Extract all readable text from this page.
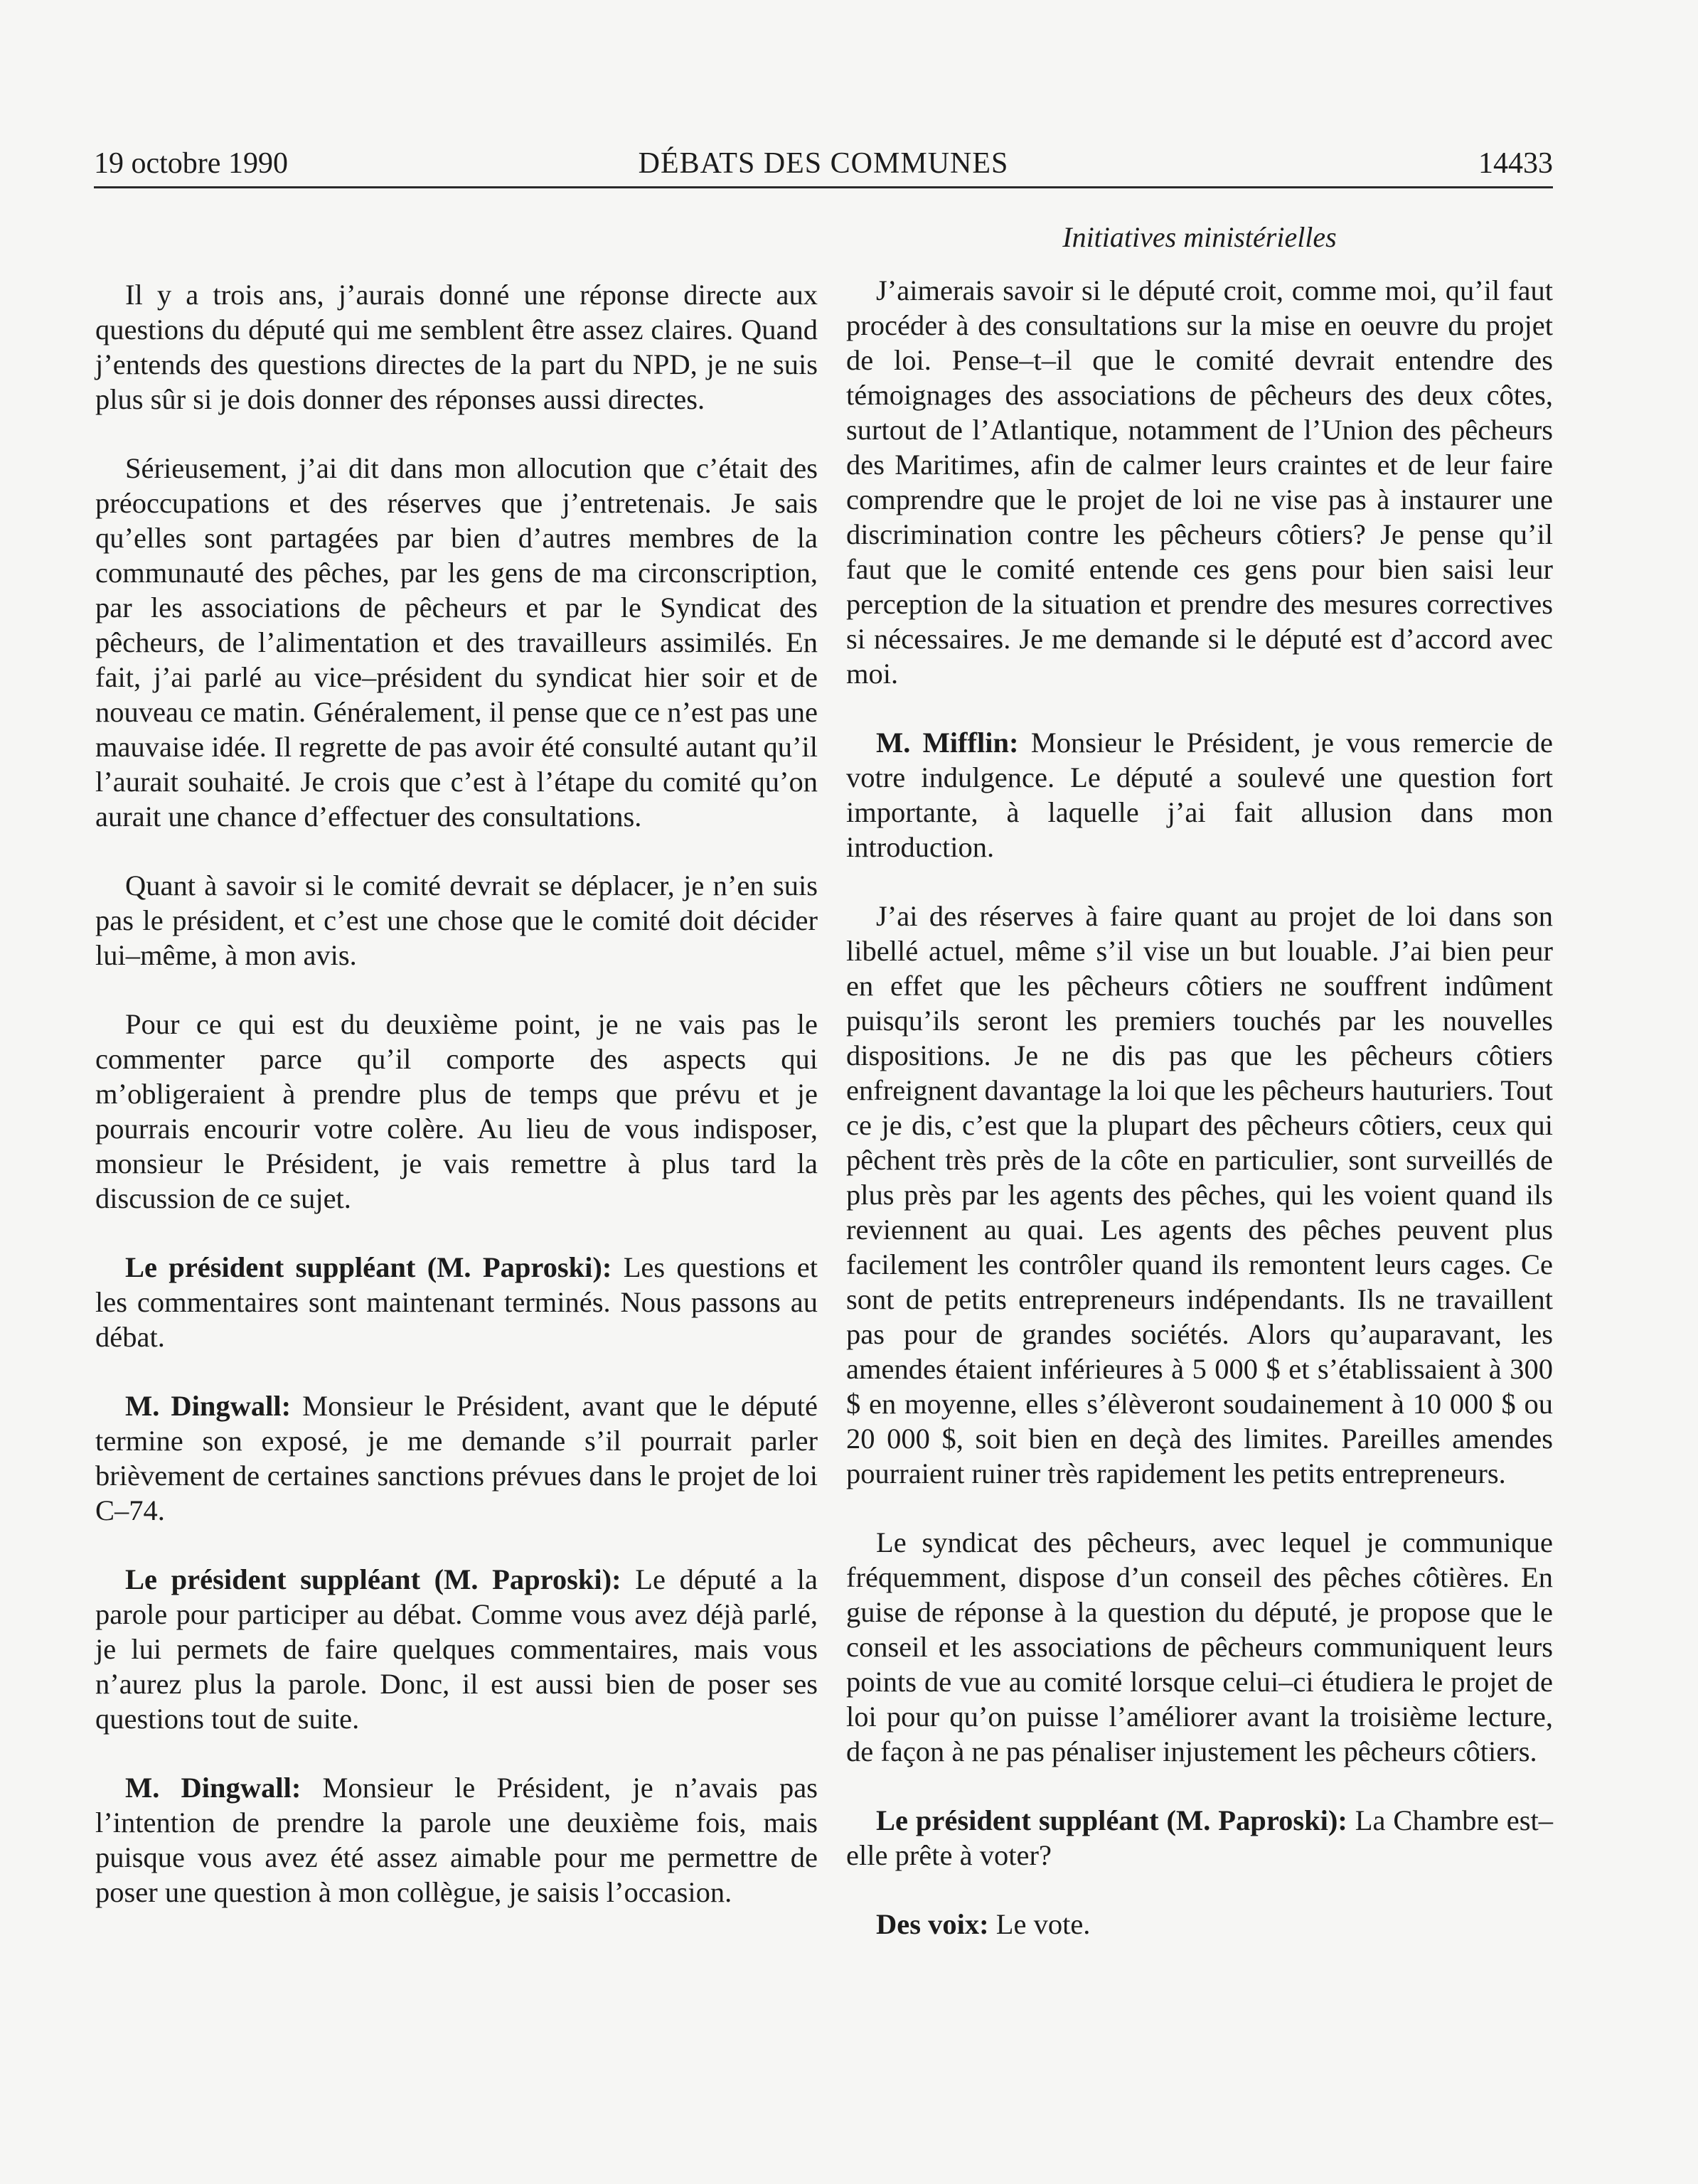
19 octobre 1990	DÉBATS DES COMMUNES	14433
Initiatives ministérielles

Il y a trois ans, j’aurais donné une réponse directe aux questions du député qui me semblent être assez claires. Quand j’entends des questions directes de la part du NPD, je ne suis plus sûr si je dois donner des réponses aussi directes.

Sérieusement, j’ai dit dans mon allocution que c’était des préoccupations et des réserves que j’entretenais. Je sais qu’elles sont partagées par bien d’autres membres de la communauté des pêches, par les gens de ma circonscription, par les associations de pêcheurs et par le Syndicat des pêcheurs, de l’alimentation et des travailleurs assimilés. En fait, j’ai parlé au vice–président du syndicat hier soir et de nouveau ce matin. Généralement, il pense que ce n’est pas une mauvaise idée. Il regrette de pas avoir été consulté autant qu’il l’aurait souhaité. Je crois que c’est à l’étape du comité qu’on aurait une chance d’effectuer des consultations.

Quant à savoir si le comité devrait se déplacer, je n’en suis pas le président, et c’est une chose que le comité doit décider lui–même, à mon avis.

Pour ce qui est du deuxième point, je ne vais pas le commenter parce qu’il comporte des aspects qui m’obligeraient à prendre plus de temps que prévu et je pourrais encourir votre colère. Au lieu de vous indisposer, monsieur le Président, je vais remettre à plus tard la discussion de ce sujet.

Le président suppléant (M. Paproski): Les questions et les commentaires sont maintenant terminés. Nous passons au débat.

M. Dingwall: Monsieur le Président, avant que le député termine son exposé, je me demande s’il pourrait parler brièvement de certaines sanctions prévues dans le projet de loi C–74.

Le président suppléant (M. Paproski): Le député a la parole pour participer au débat. Comme vous avez déjà parlé, je lui permets de faire quelques commentaires, mais vous n’aurez plus la parole. Donc, il est aussi bien de poser ses questions tout de suite.

M. Dingwall: Monsieur le Président, je n’avais pas l’intention de prendre la parole une deuxième fois, mais puisque vous avez été assez aimable pour me permettre de poser une question à mon collègue, je saisis l’occasion.

J’aimerais savoir si le député croit, comme moi, qu’il faut procéder à des consultations sur la mise en oeuvre du projet de loi. Pense–t–il que le comité devrait entendre des témoignages des associations de pêcheurs des deux côtes, surtout de l’Atlantique, notamment de l’Union des pêcheurs des Maritimes, afin de calmer leurs craintes et de leur faire comprendre que le projet de loi ne vise pas à instaurer une discrimination contre les pêcheurs côtiers? Je pense qu’il faut que le comité entende ces gens pour bien saisi leur perception de la situation et prendre des mesures correctives si nécessaires. Je me demande si le député est d’accord avec moi.

M. Mifflin: Monsieur le Président, je vous remercie de votre indulgence. Le député a soulevé une question fort importante, à laquelle j’ai fait allusion dans mon introduction.

J’ai des réserves à faire quant au projet de loi dans son libellé actuel, même s’il vise un but louable. J’ai bien peur en effet que les pêcheurs côtiers ne souffrent indûment puisqu’ils seront les premiers touchés par les nouvelles dispositions. Je ne dis pas que les pêcheurs côtiers enfreignent davantage la loi que les pêcheurs hauturiers. Tout ce je dis, c’est que la plupart des pêcheurs côtiers, ceux qui pêchent très près de la côte en particulier, sont surveillés de plus près par les agents des pêches, qui les voient quand ils reviennent au quai. Les agents des pêches peuvent plus facilement les contrôler quand ils remontent leurs cages. Ce sont de petits entrepreneurs indépendants. Ils ne travaillent pas pour de grandes sociétés. Alors qu’auparavant, les amendes étaient inférieures à 5 000 $ et s’établissaient à 300 $ en moyenne, elles s’élèveront soudainement à 10 000 $ ou 20 000 $, soit bien en deçà des limites. Pareilles amendes pourraient ruiner très rapidement les petits entrepreneurs.

Le syndicat des pêcheurs, avec lequel je communique fréquemment, dispose d’un conseil des pêches côtières. En guise de réponse à la question du député, je propose que le conseil et les associations de pêcheurs communiquent leurs points de vue au comité lorsque celui–ci étudiera le projet de loi pour qu’on puisse l’améliorer avant la troisième lecture, de façon à ne pas pénaliser injustement les pêcheurs côtiers.

Le président suppléant (M. Paproski): La Chambre est–elle prête à voter?

Des voix: Le vote.
